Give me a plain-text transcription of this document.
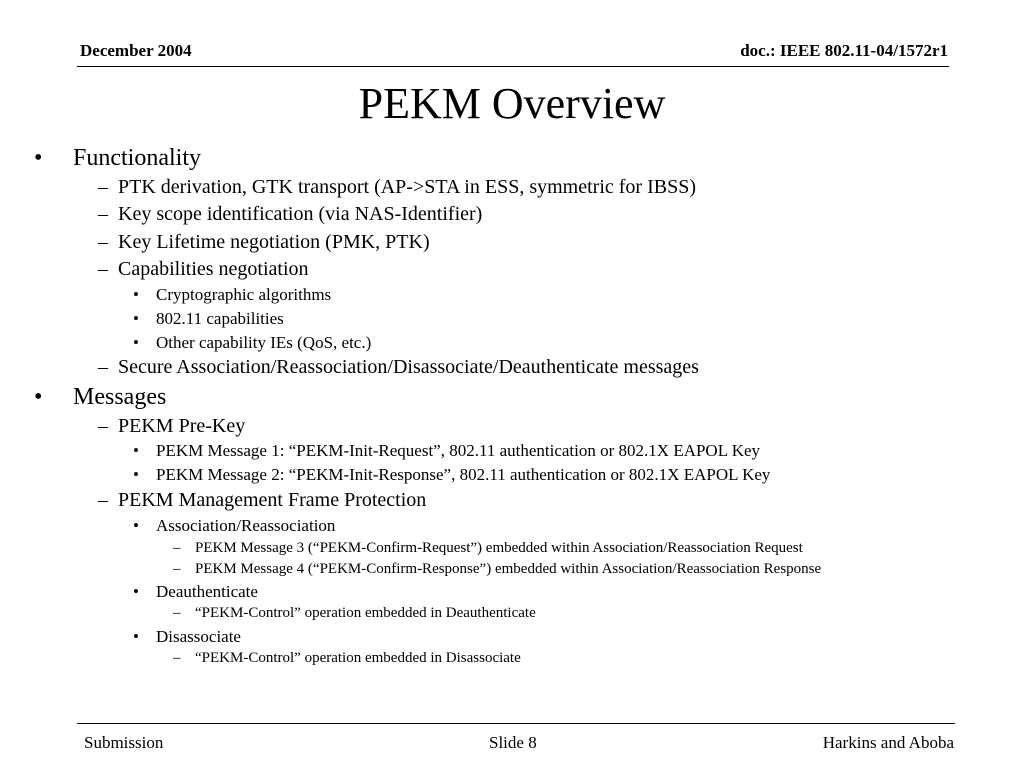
December 2004	doc.: IEEE 802.11-04/1572r1
PEKM Overview
• Functionality
– PTK derivation, GTK transport (AP->STA in ESS, symmetric for IBSS)
– Key scope identification (via NAS-Identifier)
– Key Lifetime negotiation (PMK, PTK)
– Capabilities negotiation
• Cryptographic algorithms
• 802.11 capabilities
• Other capability IEs (QoS, etc.)
– Secure Association/Reassociation/Disassociate/Deauthenticate messages
• Messages
– PEKM Pre-Key
• PEKM Message 1: “PEKM-Init-Request”, 802.11 authentication or 802.1X EAPOL Key
• PEKM Message 2: “PEKM-Init-Response”, 802.11 authentication or 802.1X EAPOL Key
– PEKM Management Frame Protection
• Association/Reassociation
– PEKM Message 3 (“PEKM-Confirm-Request”) embedded within Association/Reassociation Request
– PEKM Message 4 (“PEKM-Confirm-Response”) embedded within Association/Reassociation Response
• Deauthenticate
– “PEKM-Control” operation embedded in Deauthenticate
• Disassociate
– “PEKM-Control” operation embedded in Disassociate
Submission	Slide 8	Harkins and Aboba
